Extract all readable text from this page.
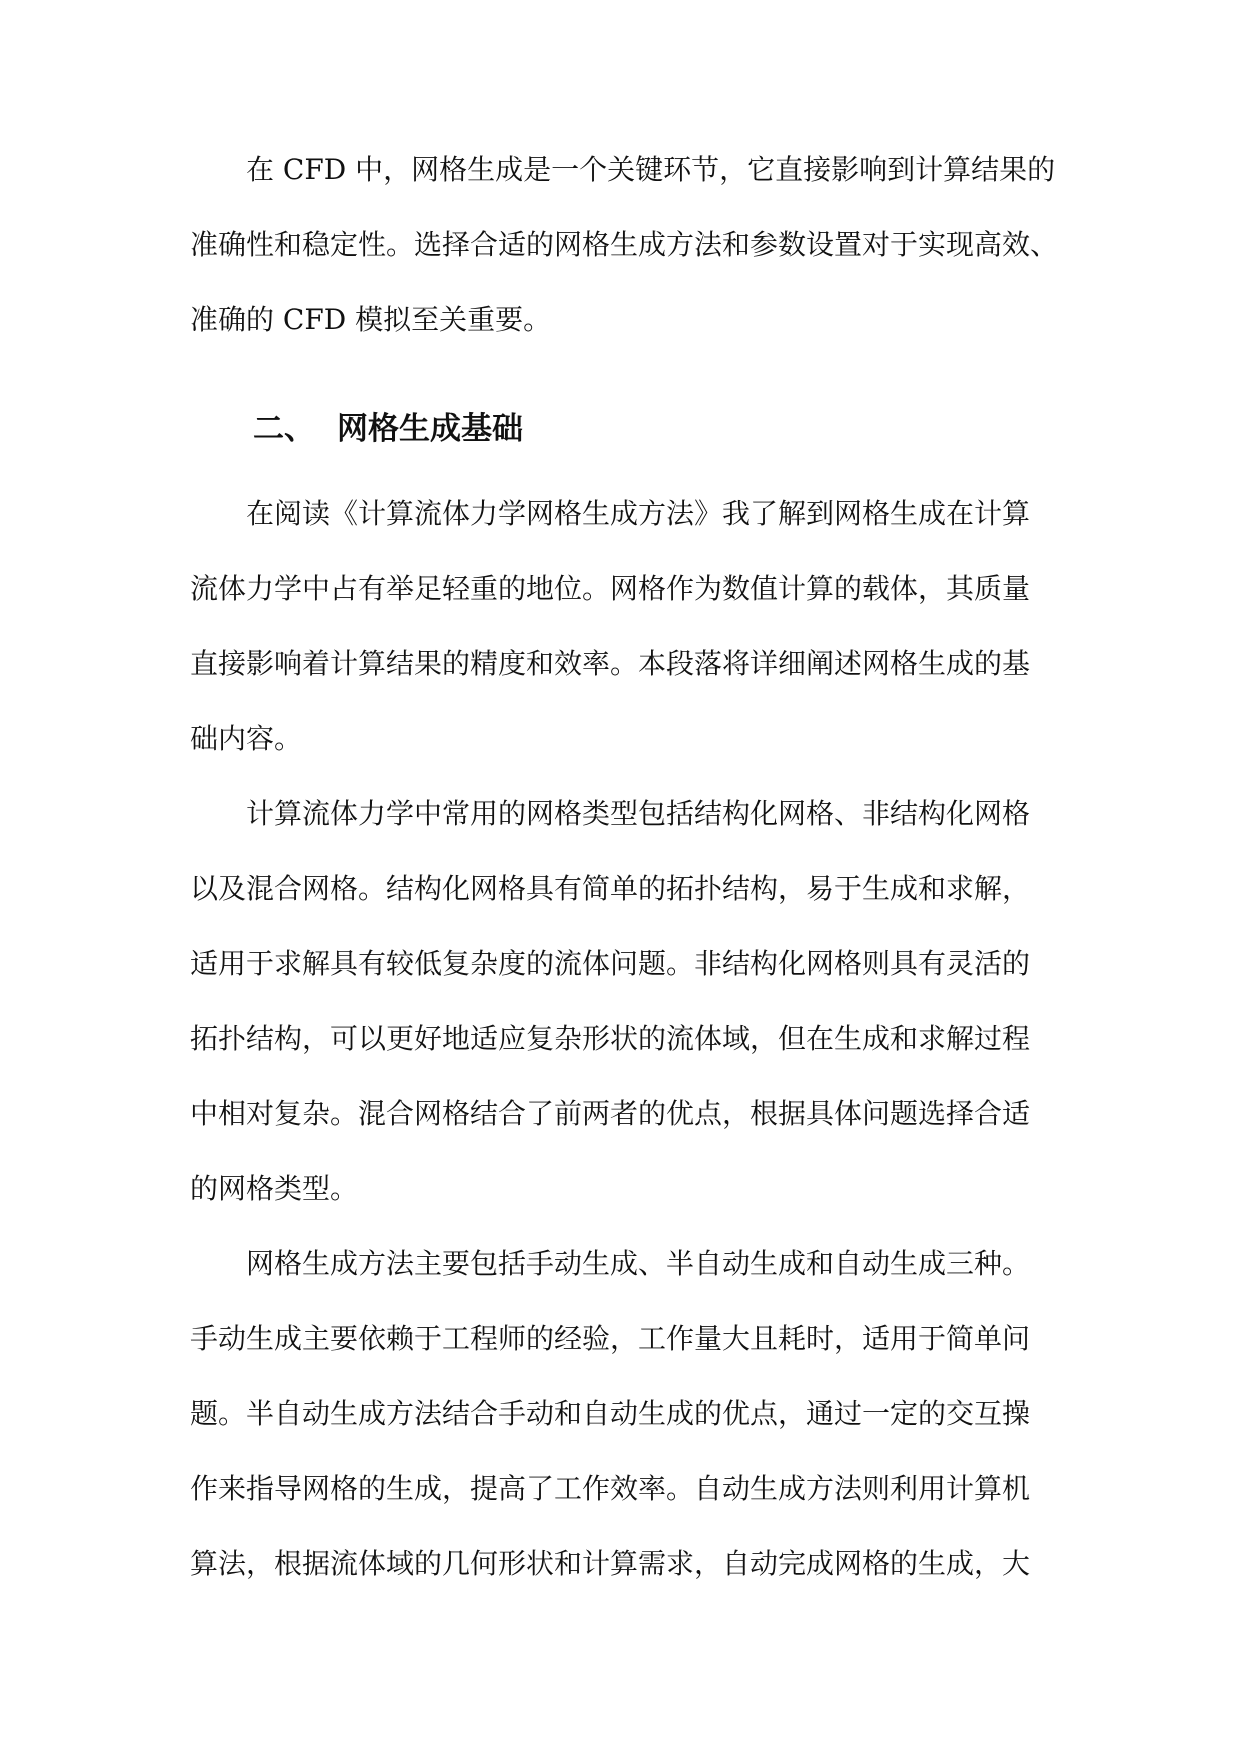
在 CFD 中，网格生成是一个关键环节，它直接影响到计算结果的
准确性和稳定性。选择合适的网格生成方法和参数设置对于实现高效、
准确的 CFD 模拟至关重要。
二、 网格生成基础
在阅读《计算流体力学网格生成方法》我了解到网格生成在计算
流体力学中占有举足轻重的地位。网格作为数值计算的载体，其质量
直接影响着计算结果的精度和效率。本段落将详细阐述网格生成的基
础内容。
计算流体力学中常用的网格类型包括结构化网格、非结构化网格
以及混合网格。结构化网格具有简单的拓扑结构，易于生成和求解，
适用于求解具有较低复杂度的流体问题。非结构化网格则具有灵活的
拓扑结构，可以更好地适应复杂形状的流体域，但在生成和求解过程
中相对复杂。混合网格结合了前两者的优点，根据具体问题选择合适
的网格类型。
网格生成方法主要包括手动生成、半自动生成和自动生成三种。
手动生成主要依赖于工程师的经验，工作量大且耗时，适用于简单问
题。半自动生成方法结合手动和自动生成的优点，通过一定的交互操
作来指导网格的生成，提高了工作效率。自动生成方法则利用计算机
算法，根据流体域的几何形状和计算需求，自动完成网格的生成，大
